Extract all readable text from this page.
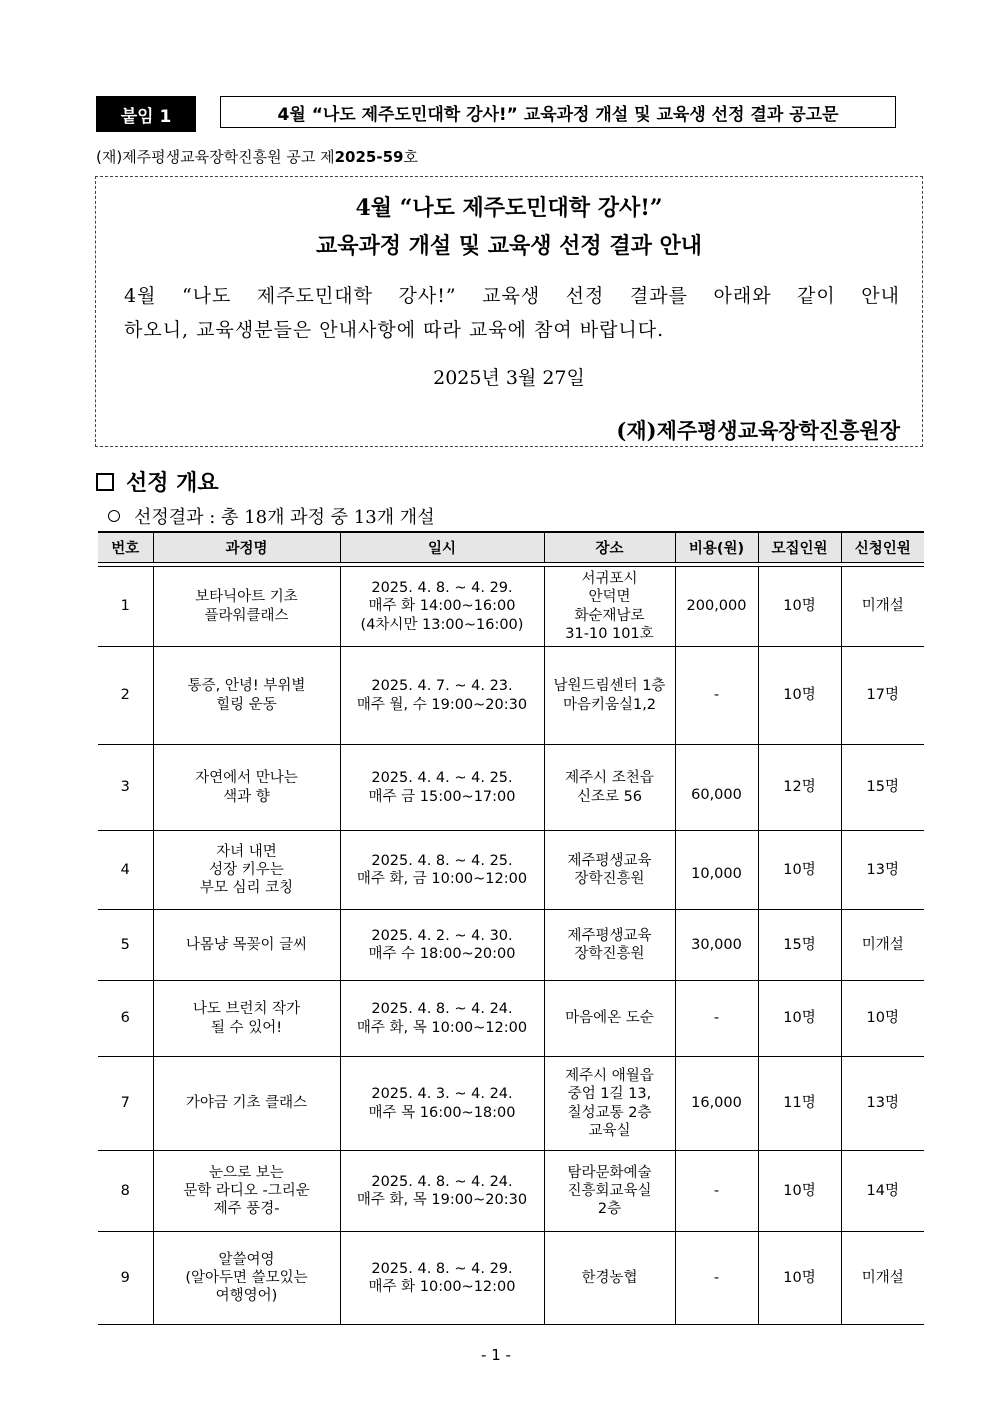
붙임 1	4월 “나도 제주도민대학 강사!” 교육과정 개설 및 교육생 선정 결과 공고문
(재)제주평생교육장학진흥원 공고 제2025-59호
4월 “나도 제주도민대학 강사!”
교육과정 개설 및 교육생 선정 결과 안내
4월 “나도 제주도민대학 강사!” 교육생 선정 결과를 아래와 같이 안내
하오니, 교육생분들은 안내사항에 따라 교육에 참여 바랍니다.
2025년 3월 27일
(재)제주평생교육장학진흥원장
선정 개요
선정결과 : 총 18개 과정 중 13개 개설
번호	과정명	일시	장소	비용(원)	모집인원	신청인원

1	보타닉아트 기초
플라워클래스	2025. 4. 8. ~ 4. 29.
매주 화 14:00~16:00
(4차시만 13:00~16:00)	서귀포시
안덕면
화순재남로
31-10 101호	200,000	10명	미개설
2	통증, 안녕! 부위별
힐링 운동	2025. 4. 7. ~ 4. 23.
매주 월, 수 19:00~20:30	남원드림센터 1층
마음키움실1,2	-	10명	17명
3	자연에서 만나는
색과 향	2025. 4. 4. ~ 4. 25.
매주 금 15:00~17:00	제주시 조천읍
신조로 56	60,000	12명	15명
4	자녀 내면
성장 키우는
부모 심리 코칭	2025. 4. 8. ~ 4. 25.
매주 화, 금 10:00~12:00	제주평생교육
장학진흥원	10,000	10명	13명
5	나몸냥 목꽂이 글씨	2025. 4. 2. ~ 4. 30.
매주 수 18:00~20:00	제주평생교육
장학진흥원	30,000	15명	미개설
6	나도 브런치 작가
될 수 있어!	2025. 4. 8. ~ 4. 24.
매주 화, 목 10:00~12:00	마음에온 도순	-	10명	10명
7	가야금 기초 클래스	2025. 4. 3. ~ 4. 24.
매주 목 16:00~18:00	제주시 애월읍
중엄 1길 13,
칠성교통 2층
교육실	16,000	11명	13명
8	눈으로 보는
문학 라디오 -그리운
제주 풍경-	2025. 4. 8. ~ 4. 24.
매주 화, 목 19:00~20:30	탐라문화예술
진흥회교육실
2층	-	10명	14명
9	알쓸여영
(알아두면 쓸모있는
여행영어)	2025. 4. 8. ~ 4. 29.
매주 화 10:00~12:00	한경농협	-	10명	미개설
- 1 -
